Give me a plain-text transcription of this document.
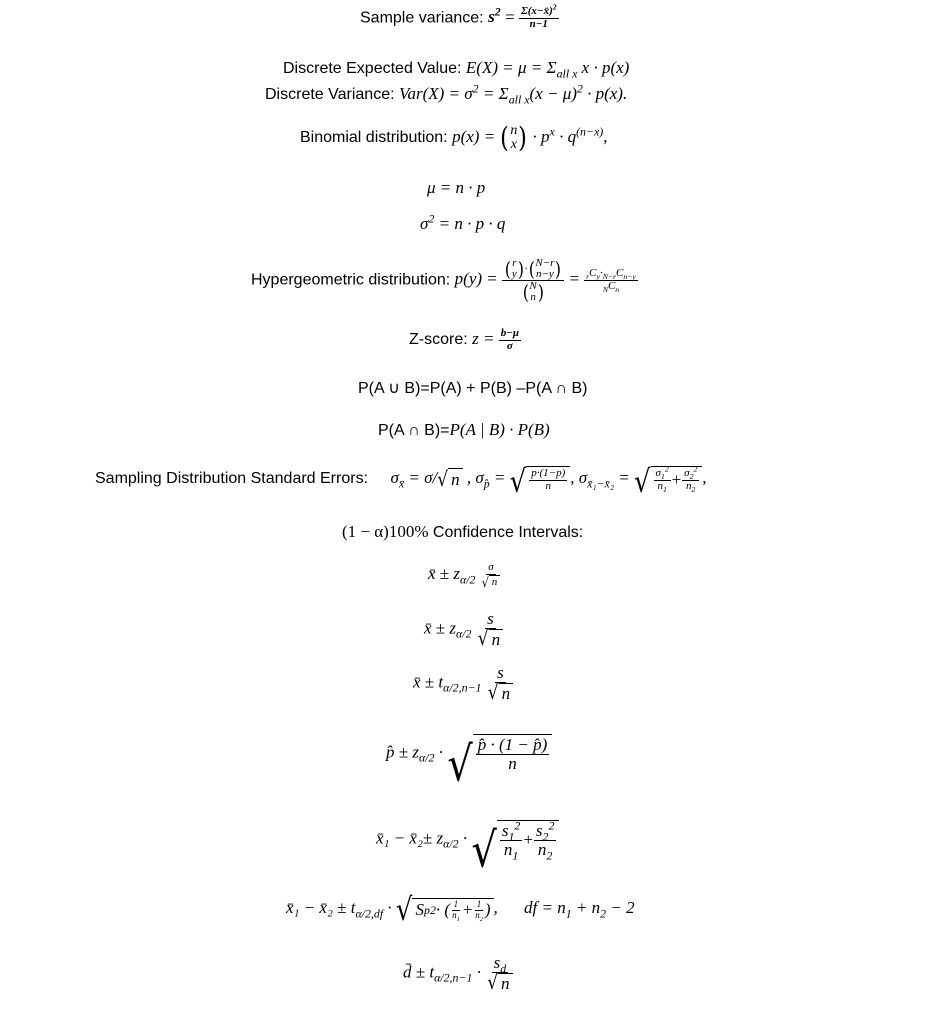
Sample variance: $s^2 = \frac{\Sigma(x-x̄)^2}{n-1}$
Discrete Expected Value: $E(X) = \mu = \Sigma_{all x}$ x · p(x)
Discrete Variance: $Var(X) = \sigma^2 = \Sigma_{all x}(x - \mu)^2 \cdot p(x)$.
Binomial distribution: p(x) = ( n
x ) · $p^x \cdot q^{(n-x)}$,
μ = n · p
$\sigma^2 = n \cdot p \cdot q$
Hypergeometric distribution: p(y) = ( r
y ) · ( N−r
n−y )
( N
n ) = $\frac{_rC_y\cdot_{N-r}C_{n-y}}{_NC_n}$
Z-score: $z = \frac{b-\mu}{\sigma}$
P(A ∪ B)=P(A) + P(B) –P(A ∩ B)
P(A ∩ B)=P(A | B) · P(B)
Sampling Distribution Standard Errors: $\sigma_{x̄} = \sigma/$ √ n , $\sigma_{p̂}$ = √ $\frac{p\cdot(1-p)}{n}$ , $\sigma_{x̄_1-x̄_2}$ = √ $\frac{\sigma_1^2}{n_1} + \frac{\sigma_2^2}{n_2}$ ,
(1 − α)100% Confidence Intervals:
x̄ ± $z_{\alpha/2} \frac{\sigma}{√ n}$
x̄ ± $z_{\alpha/2} \frac{s}{√ n}$
x̄ ± $t_{\alpha/2,n-1} \frac{s}{√ n}$
p̂ ± $z_{\alpha/2}$ · √ $\frac{p̂ \cdot (1 - p̂)}{n}$
x̄₁ − x̄₂± $z_{\alpha/2}$ · √ $\frac{s_1^2}{n_1} + \frac{s_2^2}{n_2}$
x̄₁ − x̄₂ ± $t_{\alpha/2,df}$ · √ S p 2 · ( $\frac{1}{n_1} + \frac{1}{n_2}$ ) , df = $n_1 + n_2 - 2$
d̄ ± $t_{\alpha/2,n-1} \cdot \frac{s_d}{√ n}$
